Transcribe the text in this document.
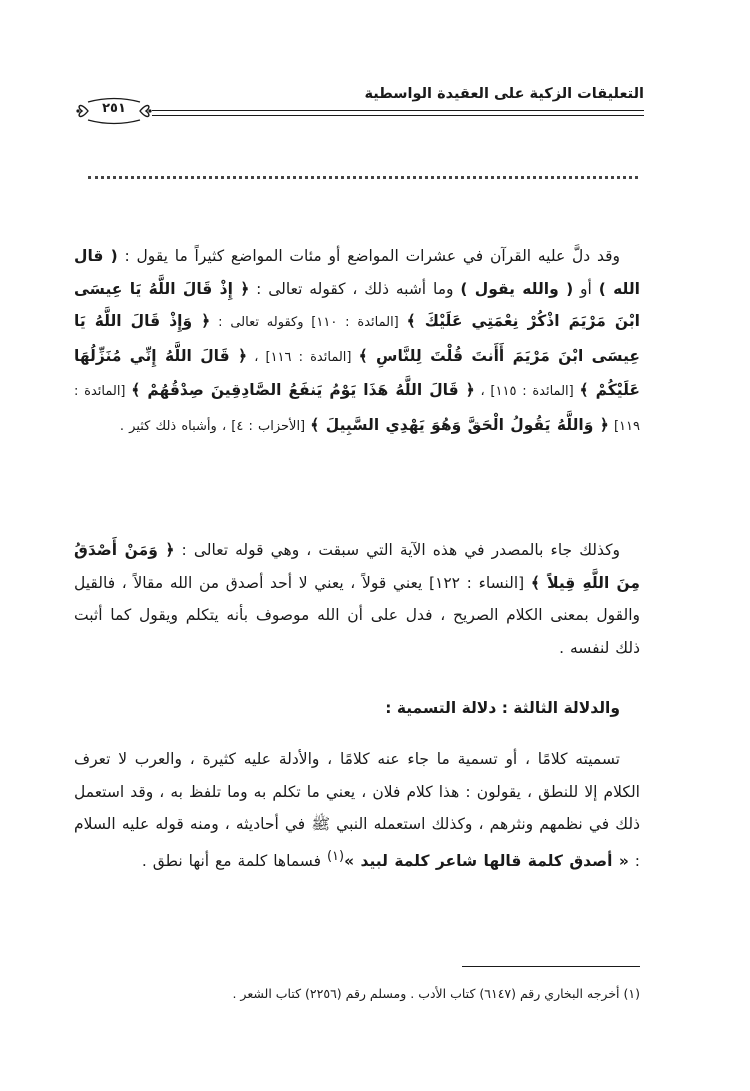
التعليقات الزكية على العقيدة الواسطية
٢٥١

وقد دلَّ عليه القرآن في عشرات المواضع أو مئات المواضع كثيراً ما يقول : ( قال الله ) أو ( والله يقول ) وما أشبه ذلك ، كقوله تعالى : ﴿ إِذْ قَالَ اللَّهُ يَا عِيسَى ابْنَ مَرْيَمَ اذْكُرْ نِعْمَتِي عَلَيْكَ ﴾ [المائدة : ١١٠] وكقوله تعالى : ﴿ وَإِذْ قَالَ اللَّهُ يَا عِيسَى ابْنَ مَرْيَمَ أَأَنتَ قُلْتَ لِلنَّاسِ ﴾ [المائدة : ١١٦] ، ﴿ قَالَ اللَّهُ إِنِّي مُنَزِّلُهَا عَلَيْكُمْ ﴾ [المائدة : ١١٥] ، ﴿ قَالَ اللَّهُ هَذَا يَوْمُ يَنفَعُ الصَّادِقِينَ صِدْقُهُمْ ﴾ [المائدة : ١١٩] ﴿ وَاللَّهُ يَقُولُ الْحَقَّ وَهُوَ يَهْدِي السَّبِيلَ ﴾ [الأحزاب : ٤] ، وأشباه ذلك كثير .

وكذلك جاء بالمصدر في هذه الآية التي سبقت ، وهي قوله تعالى : ﴿ وَمَنْ أَصْدَقُ مِنَ اللَّهِ قِيلاً ﴾ [النساء : ١٢٢] يعني قولاً ، يعني لا أحد أصدق من الله مقالاً ، فالقيل والقول بمعنى الكلام الصريح ، فدل على أن الله موصوف بأنه يتكلم ويقول كما أثبت ذلك لنفسه .

والدلالة الثالثة : دلالة التسمية :

تسميته كلامًا ، أو تسمية ما جاء عنه كلامًا ، والأدلة عليه كثيرة ، والعرب لا تعرف الكلام إلا للنطق ، يقولون : هذا كلام فلان ، يعني ما تكلم به وما تلفظ به ، وقد استعمل ذلك في نظمهم ونثرهم ، وكذلك استعمله النبي ﷺ في أحاديثه ، ومنه قوله عليه السلام : « أصدق كلمة قالها شاعر كلمة لبيد »$^{(١)}$ فسماها كلمة مع أنها نطق .

(١) أخرجه البخاري رقم (٦١٤٧) كتاب الأدب . ومسلم رقم (٢٢٥٦) كتاب الشعر .
